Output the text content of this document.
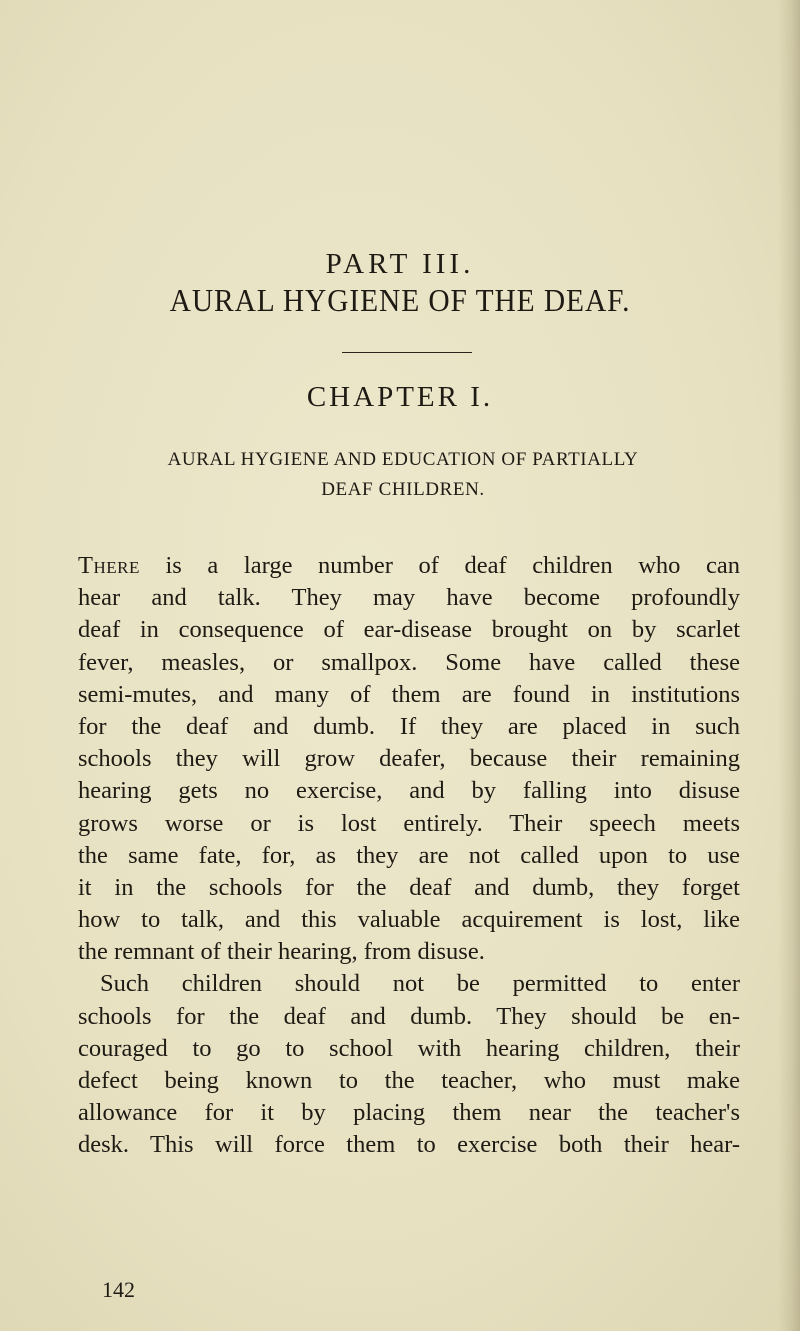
PART III.
AURAL HYGIENE OF THE DEAF.
CHAPTER I.
AURAL HYGIENE AND EDUCATION OF PARTIALLY
DEAF CHILDREN.
There is a large number of deaf children who can
hear and talk. They may have become profoundly
deaf in consequence of ear-disease brought on by scarlet
fever, measles, or smallpox. Some have called these
semi-mutes, and many of them are found in institutions
for the deaf and dumb. If they are placed in such
schools they will grow deafer, because their remaining
hearing gets no exercise, and by falling into disuse
grows worse or is lost entirely. Their speech meets
the same fate, for, as they are not called upon to use
it in the schools for the deaf and dumb, they forget
how to talk, and this valuable acquirement is lost, like
the remnant of their hearing, from disuse.
Such children should not be permitted to enter
schools for the deaf and dumb. They should be en-
couraged to go to school with hearing children, their
defect being known to the teacher, who must make
allowance for it by placing them near the teacher's
desk. This will force them to exercise both their hear-
142
